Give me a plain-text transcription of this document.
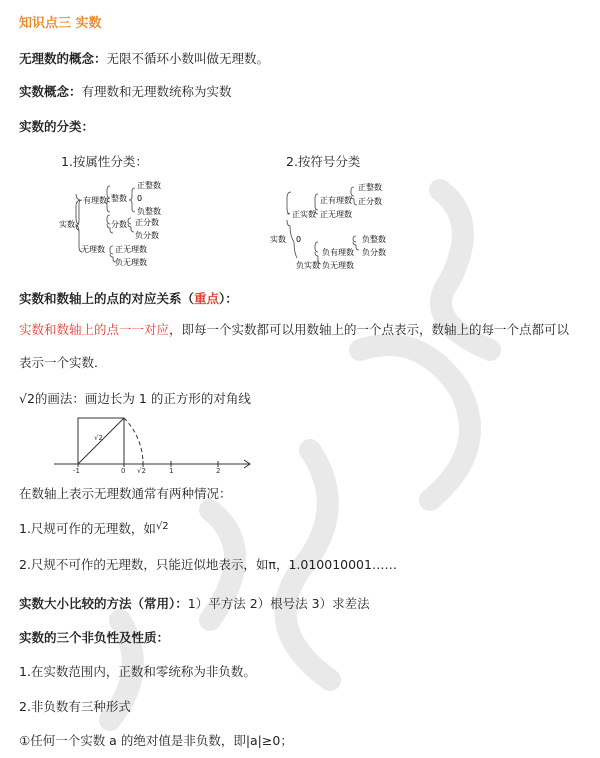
知识点三 实数
无理数的概念：无限不循环小数叫做无理数。
实数概念：有理数和无理数统称为实数
实数的分类：
1.按属性分类：	2.按符号分类
实数
有理数 整数
正整数
0
负整数
分数 正分数
负分数
无理数 正无理数
负无理数
实数
正实数
正有理数
正整数
正分数
正无理数
0
负实数
负有理数
负整数
负分数
负无理数
实数和数轴上的点的对应关系（重点）：
实数和数轴上的点一一对应，即每一个实数都可以用数轴上的一个点表示，数轴上的每一个点都可以
表示一个实数．
√2的画法：画边长为 1 的正方形的对角线
√2
-1	0 √2	1	2
在数轴上表示无理数通常有两种情况：
1.尺规可作的无理数，如$^{√2}$
2.尺规不可作的无理数，只能近似地表示，如π，1.010010001……
实数大小比较的方法（常用）：1）平方法 2）根号法 3）求差法
实数的三个非负性及性质：
1.在实数范围内，正数和零统称为非负数。
2.非负数有三种形式
①任何一个实数 a 的绝对值是非负数，即|a|≥0；
